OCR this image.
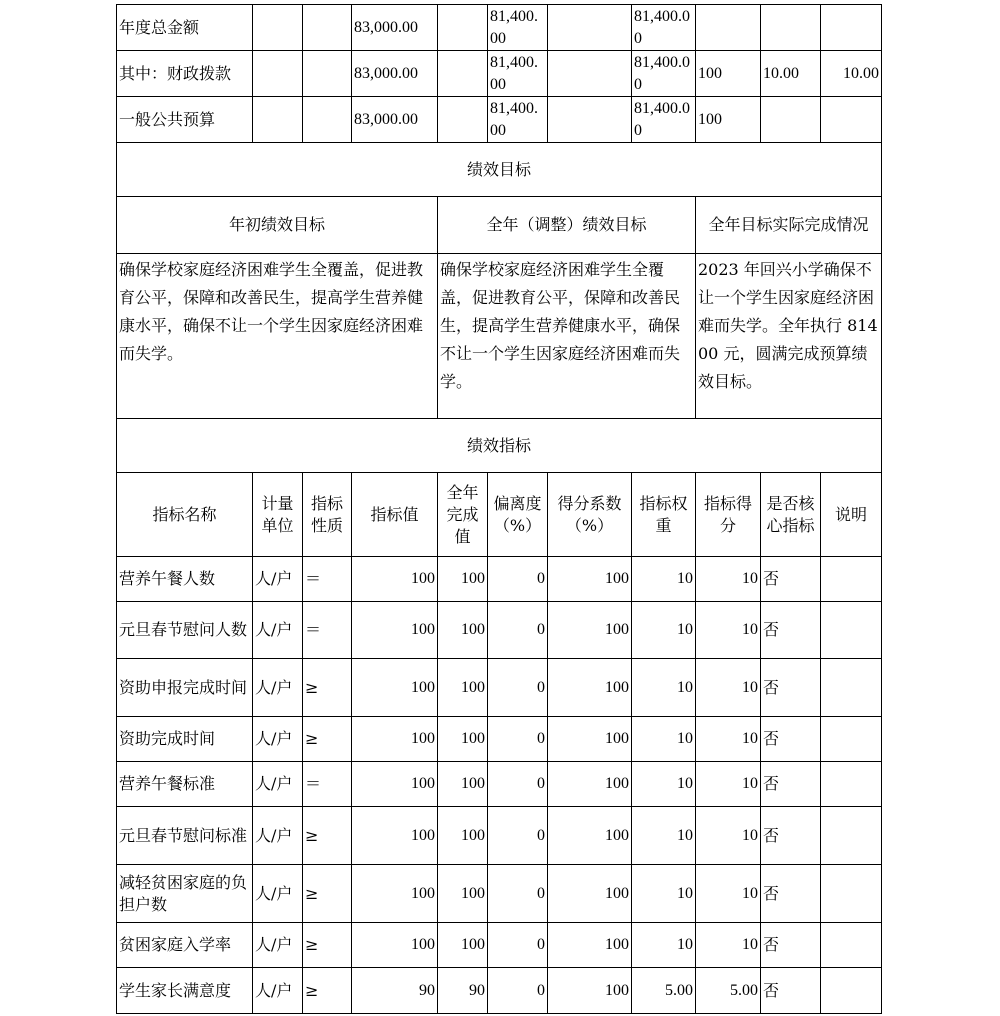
年度总金额			83,000.00		81,400.00		81,400.00			
其中：财政拨款			83,000.00		81,400.00		81,400.00	100	10.00	10.00
一般公共预算			83,000.00		81,400.00		81,400.00	100		
绩效目标										
年初绩效目标				全年（调整）绩效目标				全年目标实际完成情况		
确保学校家庭经济困难学生全覆盖，促进教育公平，保障和改善民生，提高学生营养健康水平，确保不让一个学生因家庭经济困难而失学。				确保学校家庭经济困难学生全覆盖，促进教育公平，保障和改善民生，提高学生营养健康水平，确保不让一个学生因家庭经济困难而失学。				2023 年回兴小学确保不让一个学生因家庭经济困难而失学。全年执行 81400 元，圆满完成预算绩效目标。		
绩效指标										
指标名称	计量单位	指标性质	指标值	全年完成值	偏离度（%）	得分系数（%）	指标权重	指标得分	是否核心指标	说明
营养午餐人数	人/户	＝	100	100	0	100	10	10	否	
元旦春节慰问人数	人/户	＝	100	100	0	100	10	10	否	
资助申报完成时间	人/户	≥	100	100	0	100	10	10	否	
资助完成时间	人/户	≥	100	100	0	100	10	10	否	
营养午餐标准	人/户	＝	100	100	0	100	10	10	否	
元旦春节慰问标准	人/户	≥	100	100	0	100	10	10	否	
减轻贫困家庭的负担户数	人/户	≥	100	100	0	100	10	10	否	
贫困家庭入学率	人/户	≥	100	100	0	100	10	10	否	
学生家长满意度	人/户	≥	90	90	0	100	5.00	5.00	否	
